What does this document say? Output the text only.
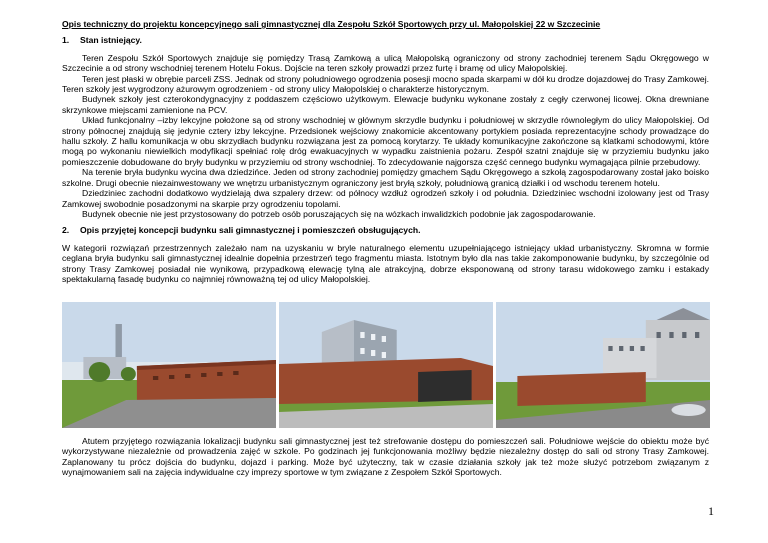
Opis techniczny do projektu koncepcyjnego sali gimnastycznej dla Zespołu Szkół Sportowych przy ul. Małopolskiej 22 w Szczecinie
1.	Stan istniejący.

Teren Zespołu Szkół Sportowych znajduje się pomiędzy Trasą Zamkową a ulicą Małopolską ograniczony od strony zachodniej terenem Sądu Okręgowego w Szczecinie a od strony wschodniej terenem Hotelu Fokus. Dojście na teren szkoły prowadzi przez furtę i bramę od ulicy Małopolskiej.

Teren jest płaski w obrębie parceli ZSS. Jednak od strony południowego ogrodzenia posesji mocno spada skarpami w dół ku drodze dojazdowej do Trasy Zamkowej. Teren szkoły jest wygrodzony ażurowym ogrodzeniem - od strony ulicy Małopolskiej o charakterze historycznym.

Budynek szkoły jest czterokondygnacyjny z poddaszem częściowo użytkowym. Elewacje budynku wykonane zostały z cegły czerwonej licowej. Okna drewniane skrzynkowe miejscami zamienione na PCV.

Układ funkcjonalny –izby lekcyjne położone są od strony wschodniej w głównym skrzydle budynku i południowej w skrzydle równoległym do ulicy Małopolskiej. Od strony północnej znajdują się jedynie cztery izby lekcyjne. Przedsionek wejściowy znakomicie akcentowany portykiem posiada reprezentacyjne schody prowadzące do hallu szkoły. Z hallu komunikacja w obu skrzydłach budynku rozwiązana jest za pomocą korytarzy. Te układy komunikacyjne zakończone są klatkami schodowymi, które mogą po wykonaniu niewielkich modyfikacji spełniać rolę dróg ewakuacyjnych w wypadku zaistnienia pożaru. Zespół szatni znajduje się w przyziemiu budynku jako pomieszczenie dobudowane do bryły budynku w przyziemiu od strony wschodniej. To zdecydowanie najgorsza część cennego budynku wymagająca pilnie przebudowy.

Na terenie bryła budynku wycina dwa dziedzińce. Jeden od strony zachodniej pomiędzy gmachem Sądu Okręgowego a szkołą zagospodarowany został jako boisko szkolne. Drugi obecnie niezainwestowany we wnętrzu urbanistycznym ograniczony jest bryłą szkoły, południową granicą działki i od wschodu terenem hotelu.

Dziedziniec zachodni dodatkowo wydzielają dwa szpalery drzew: od północy wzdłuż ogrodzeń szkoły i od południa. Dziedziniec wschodni izolowany jest od Trasy Zamkowej swobodnie posadzonymi na skarpie przy ogrodzeniu topolami.

Budynek obecnie nie jest przystosowany do potrzeb osób poruszających się na wózkach inwalidzkich podobnie jak zagospodarowanie.

2.	Opis przyjętej koncepcji budynku sali gimnastycznej i pomieszczeń obsługujących.

W kategorii rozwiązań przestrzennych zależało nam na uzyskaniu w bryle naturalnego elementu uzupełniającego istniejący układ urbanistyczny. Skromna w formie ceglana bryła budynku sali gimnastycznej idealnie dopełnia przestrzeń tego fragmentu miasta. Istotnym było dla nas takie zakomponowanie budynku, by szczególnie od strony Trasy Zamkowej posiadał nie wynikową, przypadkową elewację tylną ale atrakcyjną, dobrze eksponowaną od strony tarasu widokowego zamku i estakady spektakularną fasadę budynku co najmniej równoważną tej od ulicy Małopolskiej.

Atutem przyjętego rozwiązania lokalizacji budynku sali gimnastycznej jest też strefowanie dostępu do pomieszczeń sali. Południowe wejście do obiektu może być wykorzystywane niezależnie od prowadzenia zajęć w szkole. Po godzinach jej funkcjonowania możliwy będzie niezależny dostęp do sali od strony Trasy Zamkowej. Zaplanowany tu prócz dojścia do budynku, dojazd i parking. Może być użyteczny, tak w czasie działania szkoły jak też może służyć potrzebom związanym z wynajmowaniem sali na zajęcia indywidualne czy imprezy sportowe w tym związane z Zespołem Szkół Sportowych.

1
